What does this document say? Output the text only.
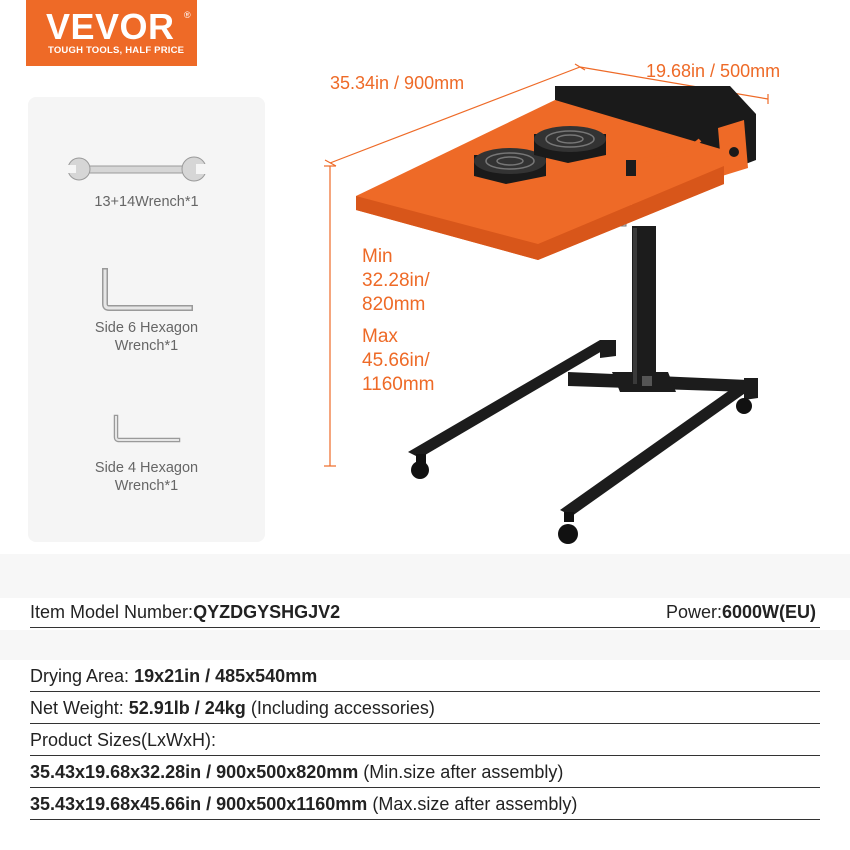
VEVOR ®
TOUGH TOOLS, HALF PRICE
13+14Wrench*1
Side 6 Hexagon
Wrench*1
Side 4 Hexagon
Wrench*1
35.34in / 900mm
19.68in / 500mm
Min
32.28in/
820mm
Max
45.66in/
1160mm
Item Model Number:QYZDGYSHGJV2	Power:6000W(EU)
Drying Area: 19x21in / 485x540mm
Net Weight: 52.91lb / 24kg (Including accessories)
Product Sizes(LxWxH):
35.43x19.68x32.28in / 900x500x820mm (Min.size after assembly)
35.43x19.68x45.66in / 900x500x1160mm (Max.size after assembly)
